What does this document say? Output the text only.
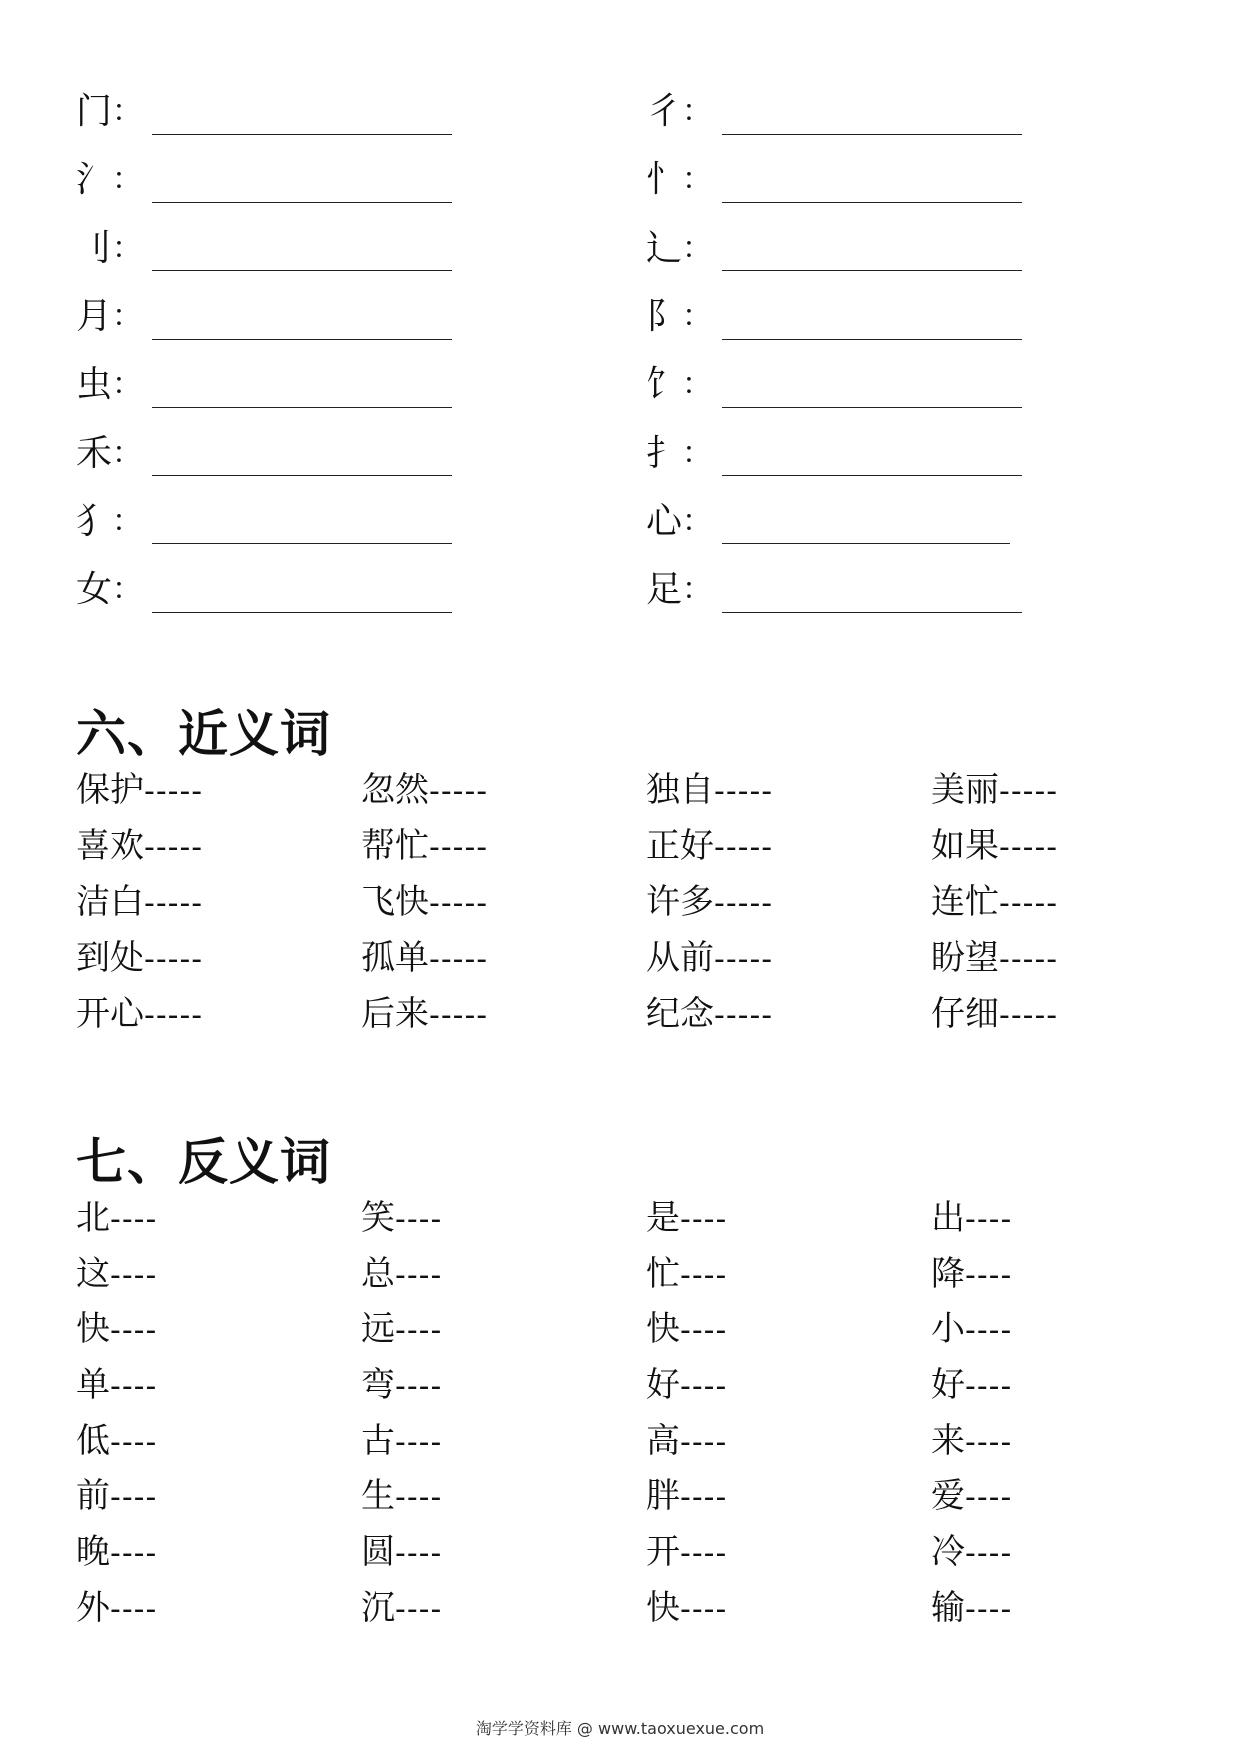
门 ：
氵 ：
刂 ：
月 ：
虫 ：
禾 ：
犭 ：
女 ：
彳 ：
忄 ：
辶 ：
阝 ：
饣 ：
扌 ：
心 ：
足 ：
六、近义词
保护-----	忽然-----	独自-----	美丽-----
喜欢-----	帮忙-----	正好-----	如果-----
洁白-----	飞快-----	许多-----	连忙-----
到处-----	孤单-----	从前-----	盼望-----
开心-----	后来-----	纪念-----	仔细-----
七、反义词
北----	笑----	是----	出----
这----	总----	忙----	降----
快----	远----	快----	小----
单----	弯----	好----	好----
低----	古----	高----	来----
前----	生----	胖----	爱----
晚----	圆----	开----	冷----
外----	沉----	快----	输----
淘学学资料库 @ www.taoxuexue.com
